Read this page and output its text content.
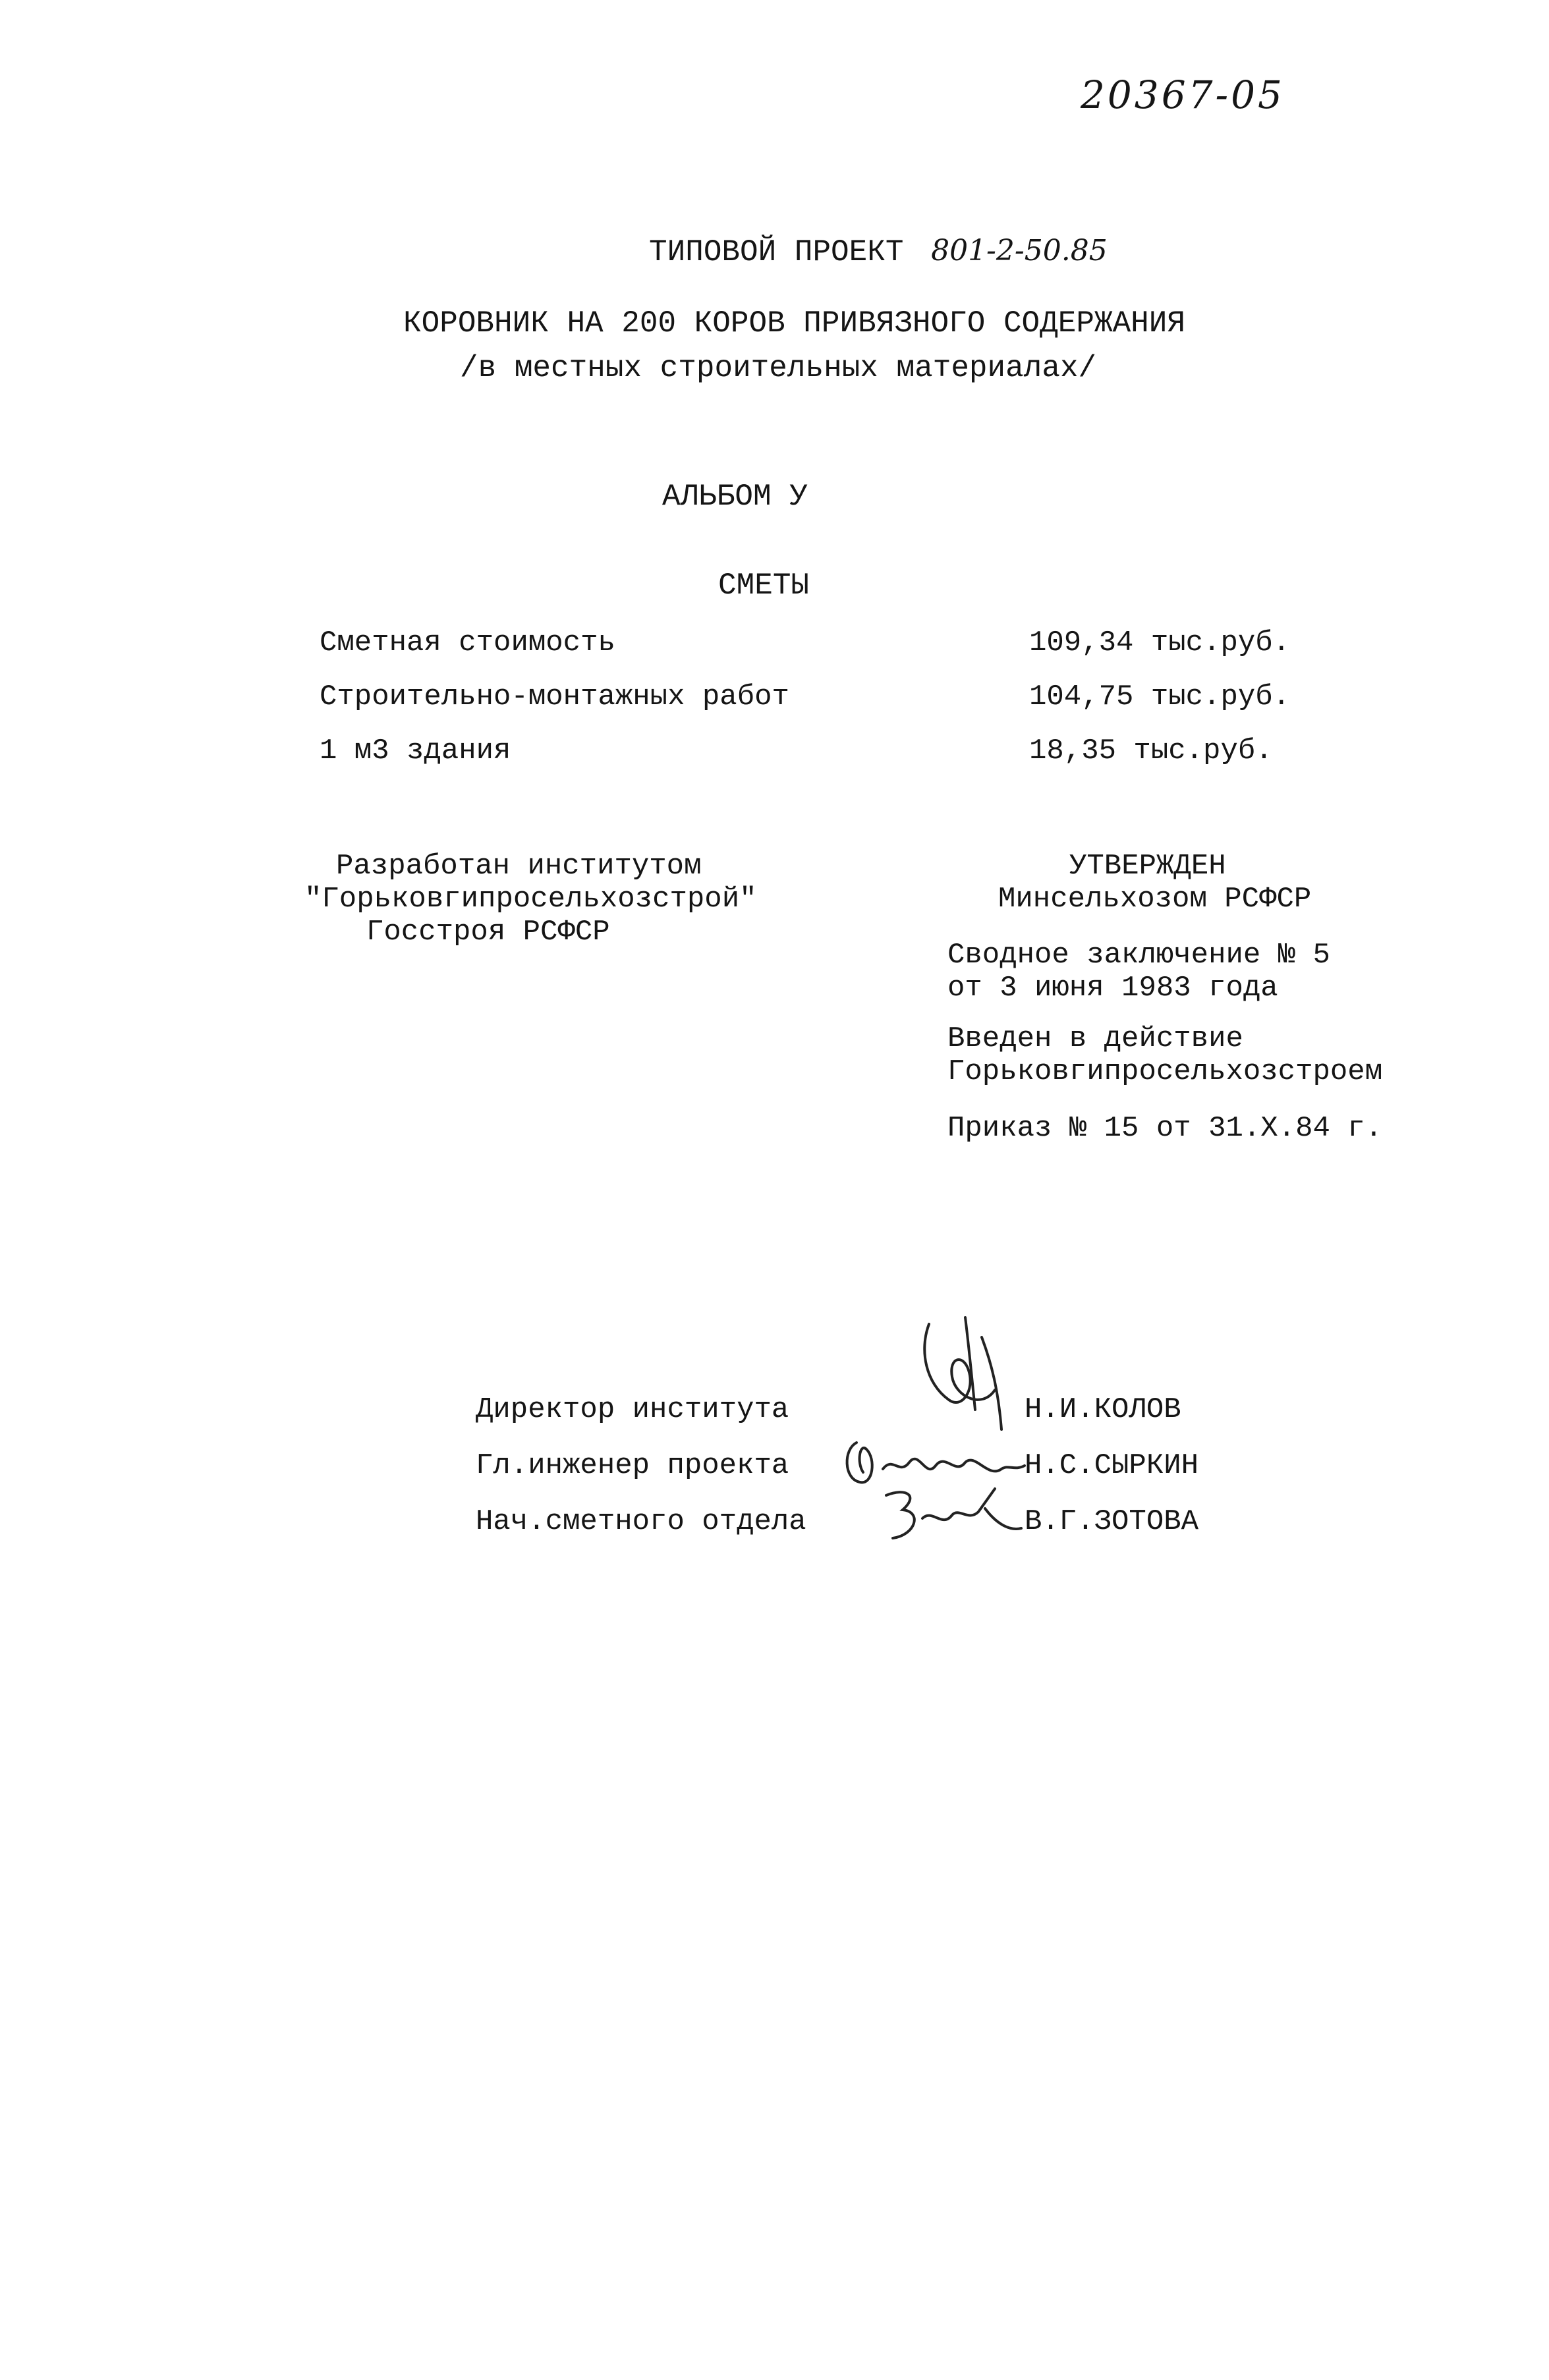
20367-05
ТИПОВОЙ ПРОЕКТ 801-2-50.85
КОРОВНИК НА 200 КОРОВ ПРИВЯЗНОГО СОДЕРЖАНИЯ
/в местных строительных материалах/
АЛЬБОМ У
СМЕТЫ
Сметная стоимость	109,34 тыс.руб.
Строительно-монтажных работ	104,75 тыс.руб.
1 м3 здания	18,35 тыс.руб.
Разработан институтом
"Горьковгипросельхозстрой"
Госстроя РСФСР
УТВЕРЖДЕН
Минсельхозом РСФСР
Сводное заключение № 5
от 3 июня 1983 года
Введен в действие
Горьковгипросельхозстроем
Приказ № 15 от 31.X.84 г.
Директор института	Н.И.КОЛОВ
Гл.инженер проекта	Н.С.СЫРКИН
Нач.сметного отдела	В.Г.ЗОТОВА
